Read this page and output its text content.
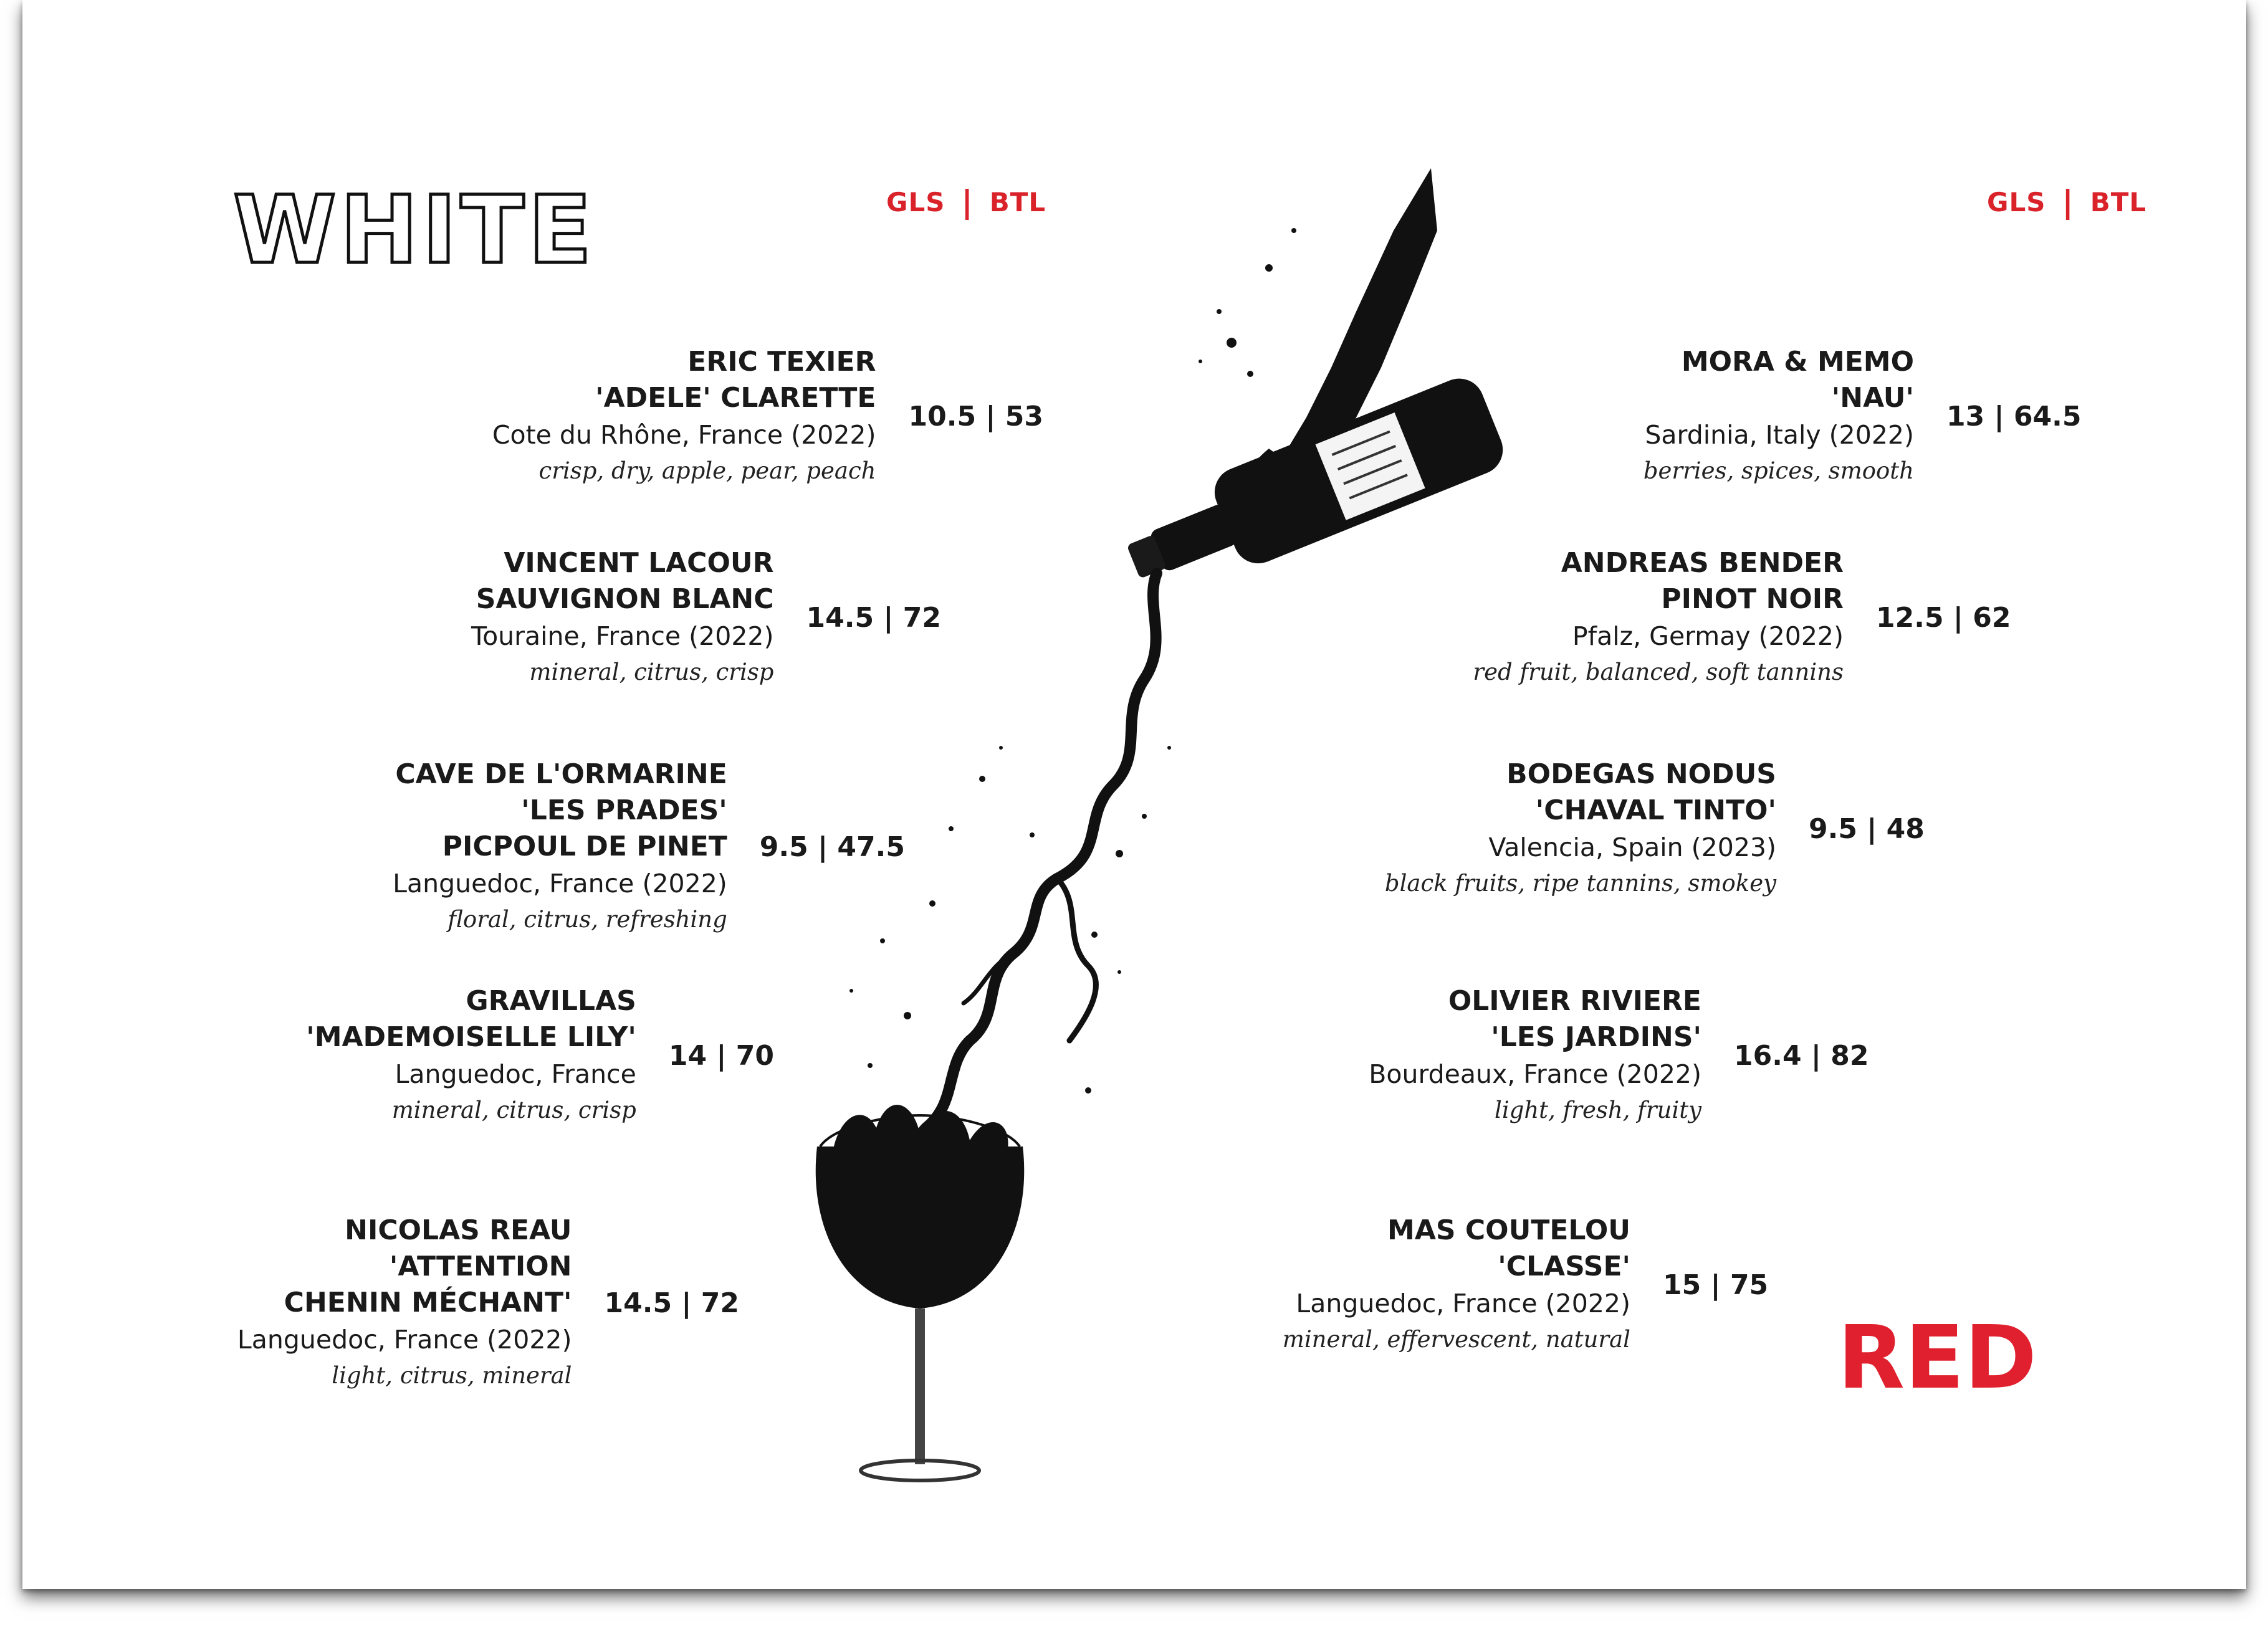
WHITE	GLS | BTL	GLS | BTL
ERIC TEXIER
'ADELE' CLARETTE
Cote du Rhône, France (2022)
crisp, dry, apple, pear, peach
10.5 | 53
VINCENT LACOUR
SAUVIGNON BLANC
Touraine, France (2022)
mineral, citrus, crisp
14.5 | 72
CAVE DE L'ORMARINE
'LES PRADES'
PICPOUL DE PINET
Languedoc, France (2022)
floral, citrus, refreshing
9.5 | 47.5
GRAVILLAS
'MADEMOISELLE LILY'
Languedoc, France
mineral, citrus, crisp
14 | 70
NICOLAS REAU
'ATTENTION
CHENIN MÉCHANT'
Languedoc, France (2022)
light, citrus, mineral
14.5 | 72
MORA & MEMO
'NAU'
Sardinia, Italy (2022)
berries, spices, smooth
13 | 64.5
ANDREAS BENDER
PINOT NOIR
Pfalz, Germay (2022)
red fruit, balanced, soft tannins
12.5 | 62
BODEGAS NODUS
'CHAVAL TINTO'
Valencia, Spain (2023)
black fruits, ripe tannins, smokey
9.5 | 48
OLIVIER RIVIERE
'LES JARDINS'
Bourdeaux, France (2022)
light, fresh, fruity
16.4 | 82
MAS COUTELOU
'CLASSE'
Languedoc, France (2022)
mineral, effervescent, natural
15 | 75
RED
